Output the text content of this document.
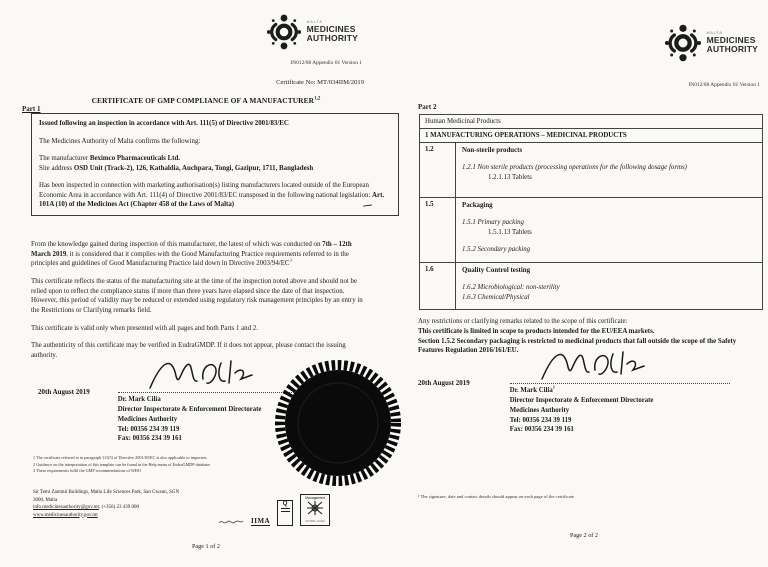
MALTA
MEDICINES
AUTHORITY
IN012/08 Appendix 01 Version 1
Certificate No: MT/034IIM/2019
CERTIFICATE OF GMP COMPLIANCE OF A MANUFACTURER$^{1,2}$
Part 1

Issued following an inspection in accordance with Art. 111(5) of Directive 2001/83/EC

The Medicines Authority of Malta confirms the following:

The manufacturer Beximco Pharmaceuticals Ltd.
Site address OSD Unit (Track-2), 126, Kathaldia, Auchpara, Tongi, Gazipur, 1711, Bangladesh

Has been inspected in connection with marketing authorisation(s) listing manufacturers located outside of the European Economic Area in accordance with Art. 111(4) of Directive 2001/83/EC transposed in the following national legislation: Art. 101A (10) of the Medicines Act (Chapter 458 of the Laws of Malta)

From the knowledge gained during inspection of this manufacturer, the latest of which was conducted on 7th – 12th March 2019, it is considered that it complies with the Good Manufacturing Practice requirements referred to in the principles and guidelines of Good Manufacturing Practice laid down in Directive $2003/94/EC^3$

This certificate reflects the status of the manufacturing site at the time of the inspection noted above and should not be relied upon to reflect the compliance status if more than three years have elapsed since the date of that inspection. However, this period of validity may be reduced or extended using regulatory risk management principles by an entry in the Restrictions or Clarifying remarks field.

This certificate is valid only when presented with all pages and both Parts 1 and 2.

The authenticity of this certificate may be verified in EudraGMDP. If it does not appear, please contact the issuing authority.

20th August 2019
Dr. Mark Cilia
Director Inspectorate & Enforcement Directorate
Medicines Authority
Tel: 00356 234 39 119
Fax: 00356 234 39 161
1 The certificate referred to in paragraph 111(5) of Directive 2001/83/EC is also applicable to importers
2 Guidance on the interpretation of this template can be found in the Help menu of EudraGMDP database
3 These requirements fulfil the GMP recommendations of WHO
Sir Temi Zammit Buildings, Malta Life Sciences Park, San Gwann, SGN
3000, Malta
info.medicinesauthority@gov.mt; (+356) 23 439 000
www.medicinesauthority.gov.mt
IIMA
Q
Management
ISO 9001 certified
Page 1 of 2
MALTA
MEDICINES
AUTHORITY
IN012/08 Appendix 01 Version 1
Part 2
Human Medicinal Products
1 MANUFACTURING OPERATIONS – MEDICINAL PRODUCTS
1.2	Non-sterile products
1.2.1 Non sterile products (processing operations for the following dosage forms)
1.2.1.13 Tablets
1.5	Packaging
1.5.1 Primary packing
1.5.1.13 Tablets
1.5.2 Secondary packing
1.6	Quality Control testing
1.6.2 Microbiological: non-sterility
1.6.3 Chemical/Physical

Any restrictions or clarifying remarks related to the scope of this certificate:

This certificate is limited in scope to products intended for the EU/EEA markets.

Section 1.5.2 Secondary packaging is restricted to medicinal products that fall outside the scope of the Safety Features Regulation 2016/161/EU.

20th August 2019
Dr. Mark Cilia$^1$
Director Inspectorate & Enforcement Directorate
Medicines Authority
Tel: 00356 234 39 119
Fax: 00356 234 39 161
¹ The signature, date and contact details should appear on each page of the certificate
Page 2 of 2
